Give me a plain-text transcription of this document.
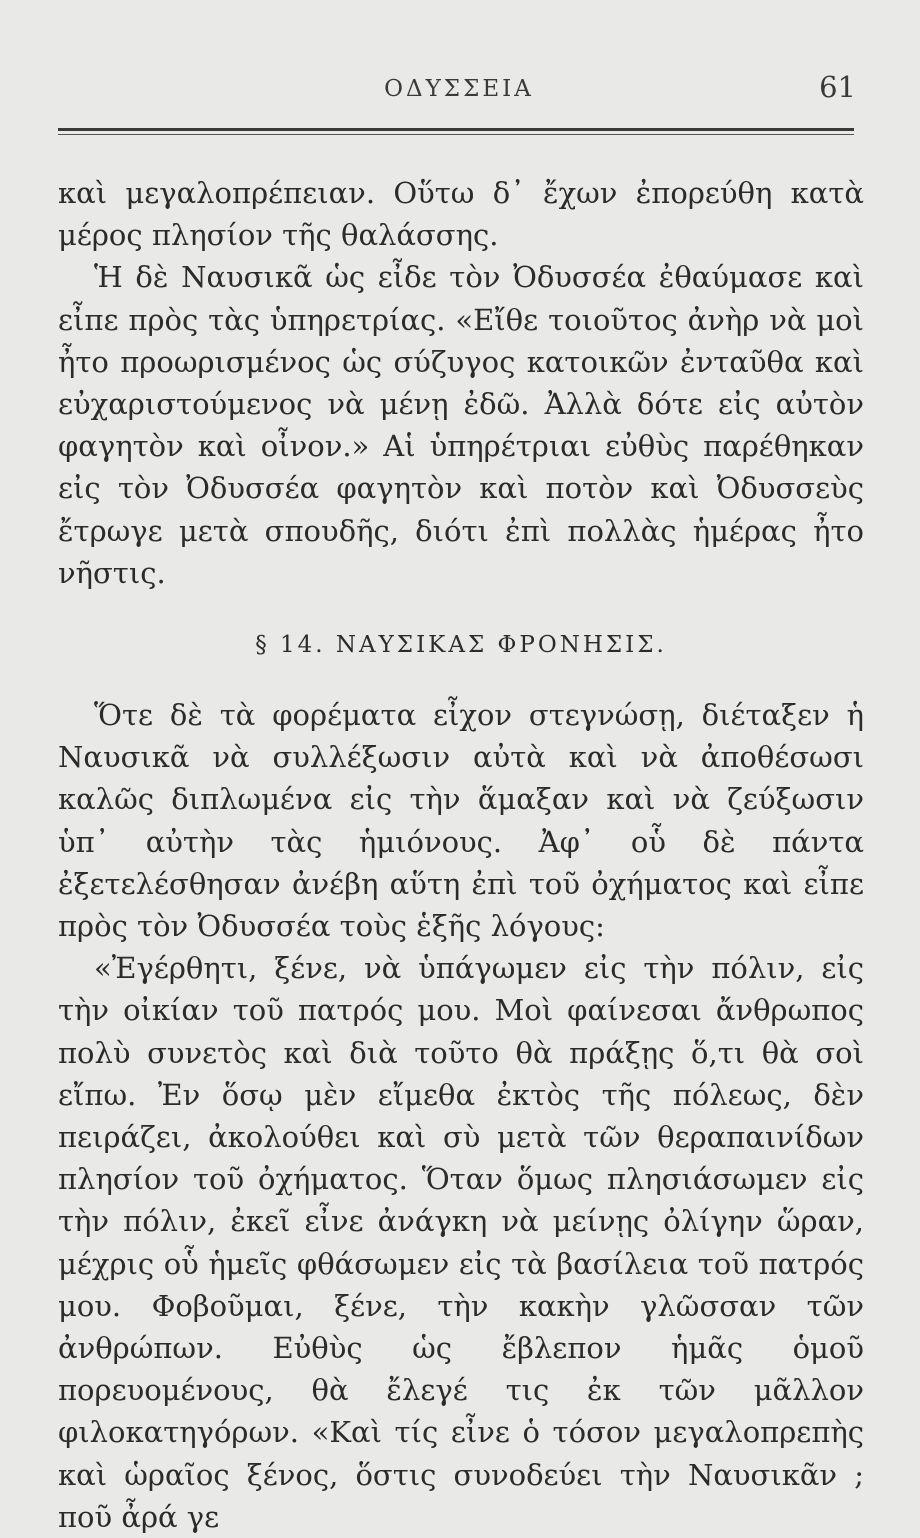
ΟΔΥΣΣΕΙΑ	61

καὶ μεγαλοπρέπειαν. Οὕτω δ᾽ ἔχων ἐπορεύθη κατὰ μέρος πλησίον τῆς θαλάσσης.

Ἡ δὲ Ναυσικᾶ ὡς εἶδε τὸν Ὀδυσσέα ἐθαύμασε καὶ εἶπε πρὸς τὰς ὑπηρετρίας. «Εἴθε τοιοῦτος ἀνὴρ νὰ μοὶ ἦτο προωρισμένος ὡς σύζυγος κατοικῶν ἐνταῦθα καὶ εὐχαριστούμενος νὰ μένῃ ἐδῶ. Ἀλλὰ δότε εἰς αὐτὸν φαγητὸν καὶ οἶνον.» Αἱ ὑπηρέτριαι εὐθὺς παρέθηκαν εἰς τὸν Ὀδυσσέα φαγητὸν καὶ ποτὸν καὶ Ὀδυσσεὺς ἔτρωγε μετὰ σπουδῆς, διότι ἐπὶ πολλὰς ἡμέρας ἦτο νῆστις.

§ 14. ΝΑΥΣΙΚΑΣ ΦΡΟΝΗΣΙΣ.

Ὅτε δὲ τὰ φορέματα εἶχον στεγνώσῃ, διέταξεν ἡ Ναυσικᾶ νὰ συλλέξωσιν αὐτὰ καὶ νὰ ἀποθέσωσι καλῶς διπλωμένα εἰς τὴν ἅμαξαν καὶ νὰ ζεύξωσιν ὑπ᾽ αὐτὴν τὰς ἡμιόνους. Ἀφ᾽ οὗ δὲ πάντα ἐξετελέσθησαν ἀνέβη αὕτη ἐπὶ τοῦ ὀχήματος καὶ εἶπε πρὸς τὸν Ὀδυσσέα τοὺς ἑξῆς λόγους:

«Ἐγέρθητι, ξένε, νὰ ὑπάγωμεν εἰς τὴν πόλιν, εἰς τὴν οἰκίαν τοῦ πατρός μου. Μοὶ φαίνεσαι ἄνθρωπος πολὺ συνετὸς καὶ διὰ τοῦτο θὰ πράξῃς ὅ,τι θὰ σοὶ εἴπω. Ἐν ὅσῳ μὲν εἴμεθα ἐκτὸς τῆς πόλεως, δὲν πειράζει, ἀκολούθει καὶ σὺ μετὰ τῶν θεραπαινίδων πλησίον τοῦ ὀχήματος. Ὅταν ὅμως πλησιάσωμεν εἰς τὴν πόλιν, ἐκεῖ εἶνε ἀνάγκη νὰ μείνῃς ὀλίγην ὥραν, μέχρις οὗ ἡμεῖς φθάσωμεν εἰς τὰ βασίλεια τοῦ πατρός μου. Φοβοῦμαι, ξένε, τὴν κακὴν γλῶσσαν τῶν ἀνθρώπων. Εὐθὺς ὡς ἔβλεπον ἡμᾶς ὁμοῦ πορευομένους, θὰ ἔλεγέ τις ἐκ τῶν μᾶλλον φιλοκατηγόρων. «Καὶ τίς εἶνε ὁ τόσον μεγαλοπρεπὴς καὶ ὡραῖος ξένος, ὅστις συνοδεύει τὴν Ναυσικᾶν ; ποῦ ἆρά γε
